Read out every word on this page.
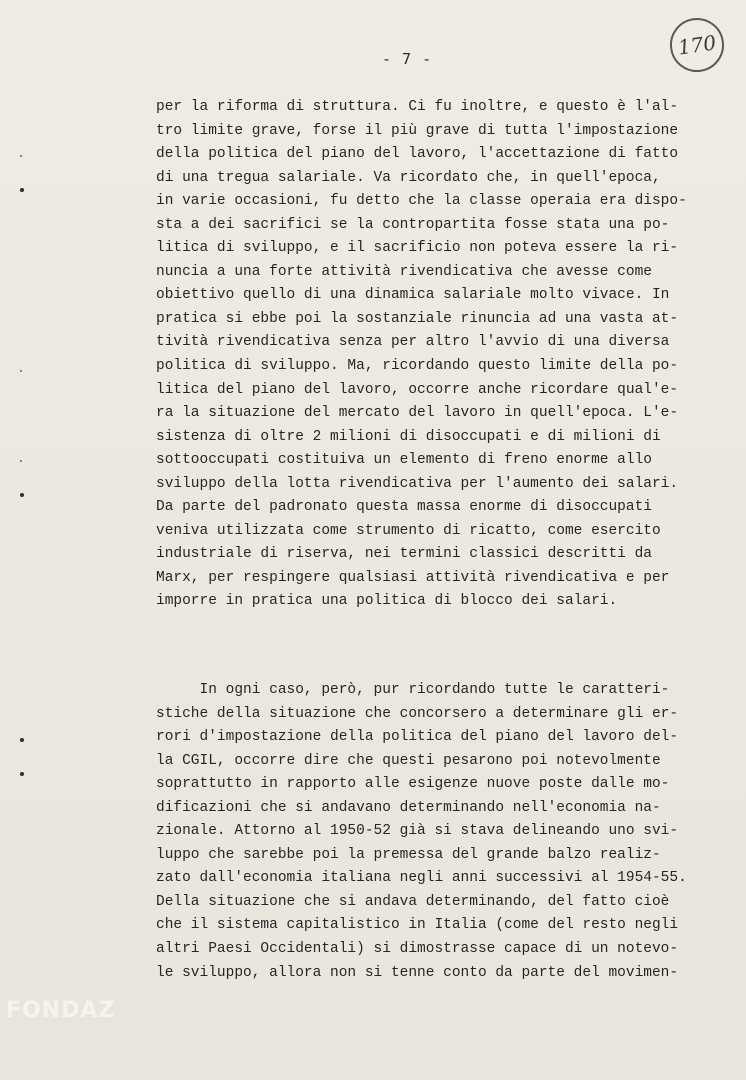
170
- 7 -

per la riforma di struttura. Ci fu inoltre, e questo è l'al-
tro limite grave, forse il più grave di tutta l'impostazione
della politica del piano del lavoro, l'accettazione di fatto
di una tregua salariale. Va ricordato che, in quell'epoca,
in varie occasioni, fu detto che la classe operaia era dispo-
sta a dei sacrifici se la contropartita fosse stata una po-
litica di sviluppo, e il sacrificio non poteva essere la ri-
nuncia a una forte attività rivendicativa che avesse come
obiettivo quello di una dinamica salariale molto vivace. In
pratica si ebbe poi la sostanziale rinuncia ad una vasta at-
tività rivendicativa senza per altro l'avvio di una diversa
politica di sviluppo. Ma, ricordando questo limite della po-
litica del piano del lavoro, occorre anche ricordare qual'e-
ra la situazione del mercato del lavoro in quell'epoca. L'e-
sistenza di oltre 2 milioni di disoccupati e di milioni di
sottooccupati costituiva un elemento di freno enorme allo
sviluppo della lotta rivendicativa per l'aumento dei salari.
Da parte del padronato questa massa enorme di disoccupati
veniva utilizzata come strumento di ricatto, come esercito
industriale di riserva, nei termini classici descritti da
Marx, per respingere qualsiasi attività rivendicativa e per
imporre in pratica una politica di blocco dei salari.

In ogni caso, però, pur ricordando tutte le caratteri-
stiche della situazione che concorsero a determinare gli er-
rori d'impostazione della politica del piano del lavoro del-
la CGIL, occorre dire che questi pesarono poi notevolmente
soprattutto in rapporto alle esigenze nuove poste dalle mo-
dificazioni che si andavano determinando nell'economia na-
zionale. Attorno al 1950-52 già si stava delineando uno svi-
luppo che sarebbe poi la premessa del grande balzo realiz-
zato dall'economia italiana negli anni successivi al 1954-55.
Della situazione che si andava determinando, del fatto cioè
che il sistema capitalistico in Italia (come del resto negli
altri Paesi Occidentali) si dimostrasse capace di un notevo-
le sviluppo, allora non si tenne conto da parte del movimen-

FONDAZ
